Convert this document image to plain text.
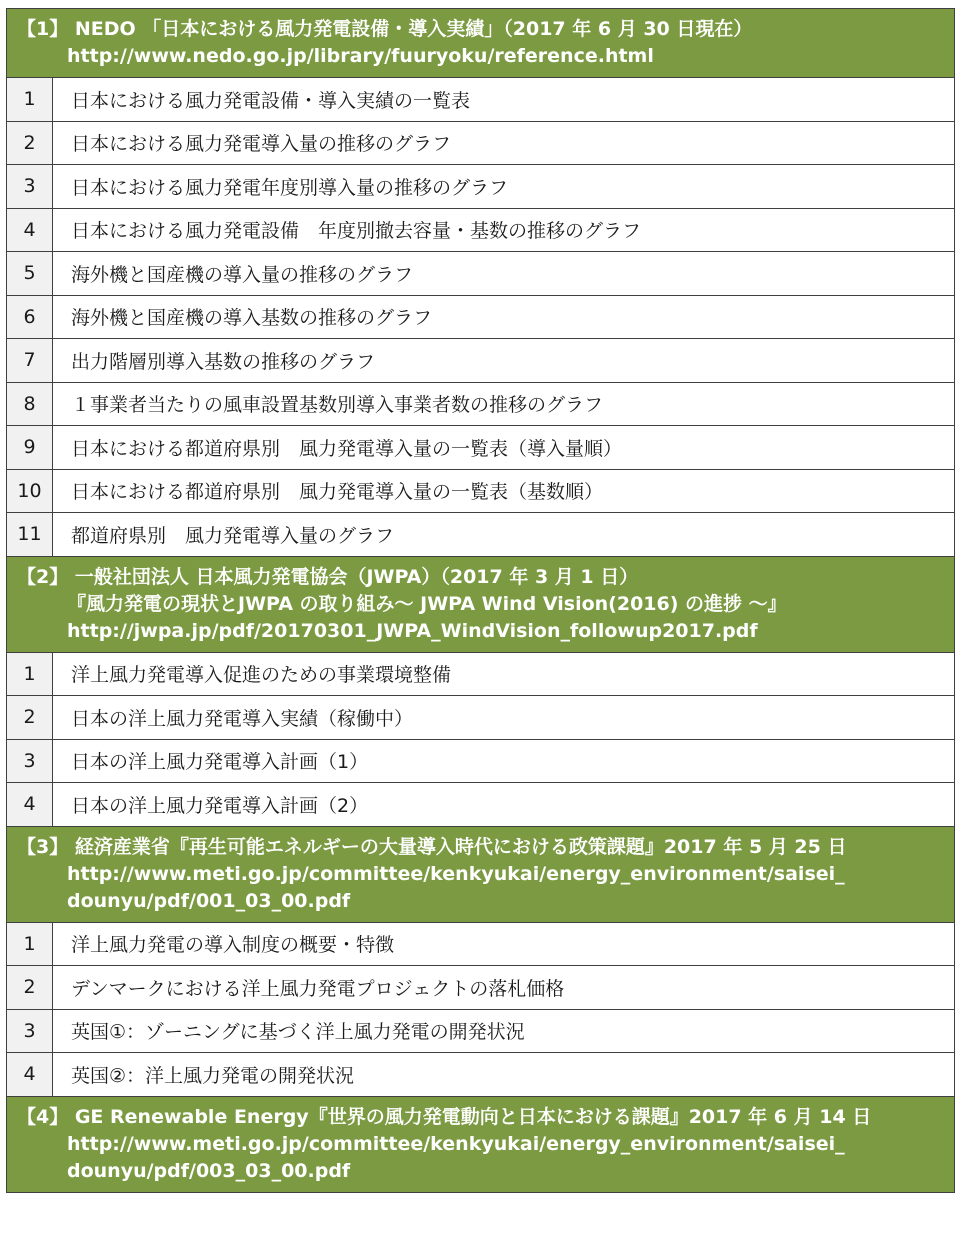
【1】 NEDO 「日本における風力発電設備・導入実績」（2017 年 6 月 30 日現在）
http://www.nedo.go.jp/library/fuuryoku/reference.html	

1	日本における風力発電設備・導入実績の一覧表
2	日本における風力発電導入量の推移のグラフ
3	日本における風力発電年度別導入量の推移のグラフ
4	日本における風力発電設備　年度別撤去容量・基数の推移のグラフ
5	海外機と国産機の導入量の推移のグラフ
6	海外機と国産機の導入基数の推移のグラフ
7	出力階層別導入基数の推移のグラフ
8	１事業者当たりの風車設置基数別導入事業者数の推移のグラフ
9	日本における都道府県別　風力発電導入量の一覧表（導入量順）
10	日本における都道府県別　風力発電導入量の一覧表（基数順）
11	都道府県別　風力発電導入量のグラフ

【2】 一般社団法人 日本風力発電協会（JWPA）（2017 年 3 月 1 日）
『風力発電の現状とJWPA の取り組み～ JWPA Wind Vision(2016) の進捗 ～』
http://jwpa.jp/pdf/20170301_JWPA_WindVision_followup2017.pdf	

1	洋上風力発電導入促進のための事業環境整備
2	日本の洋上風力発電導入実績（稼働中）
3	日本の洋上風力発電導入計画（1）
4	日本の洋上風力発電導入計画（2）

【3】 経済産業省『再生可能エネルギーの大量導入時代における政策課題』2017 年 5 月 25 日
http://www.meti.go.jp/committee/kenkyukai/energy_environment/saisei_
dounyu/pdf/001_03_00.pdf	

1	洋上風力発電の導入制度の概要・特徴
2	デンマークにおける洋上風力発電プロジェクトの落札価格
3	英国①：ゾーニングに基づく洋上風力発電の開発状況
4	英国②：洋上風力発電の開発状況

【4】 GE Renewable Energy『世界の風力発電動向と日本における課題』2017 年 6 月 14 日
http://www.meti.go.jp/committee/kenkyukai/energy_environment/saisei_
dounyu/pdf/003_03_00.pdf	
